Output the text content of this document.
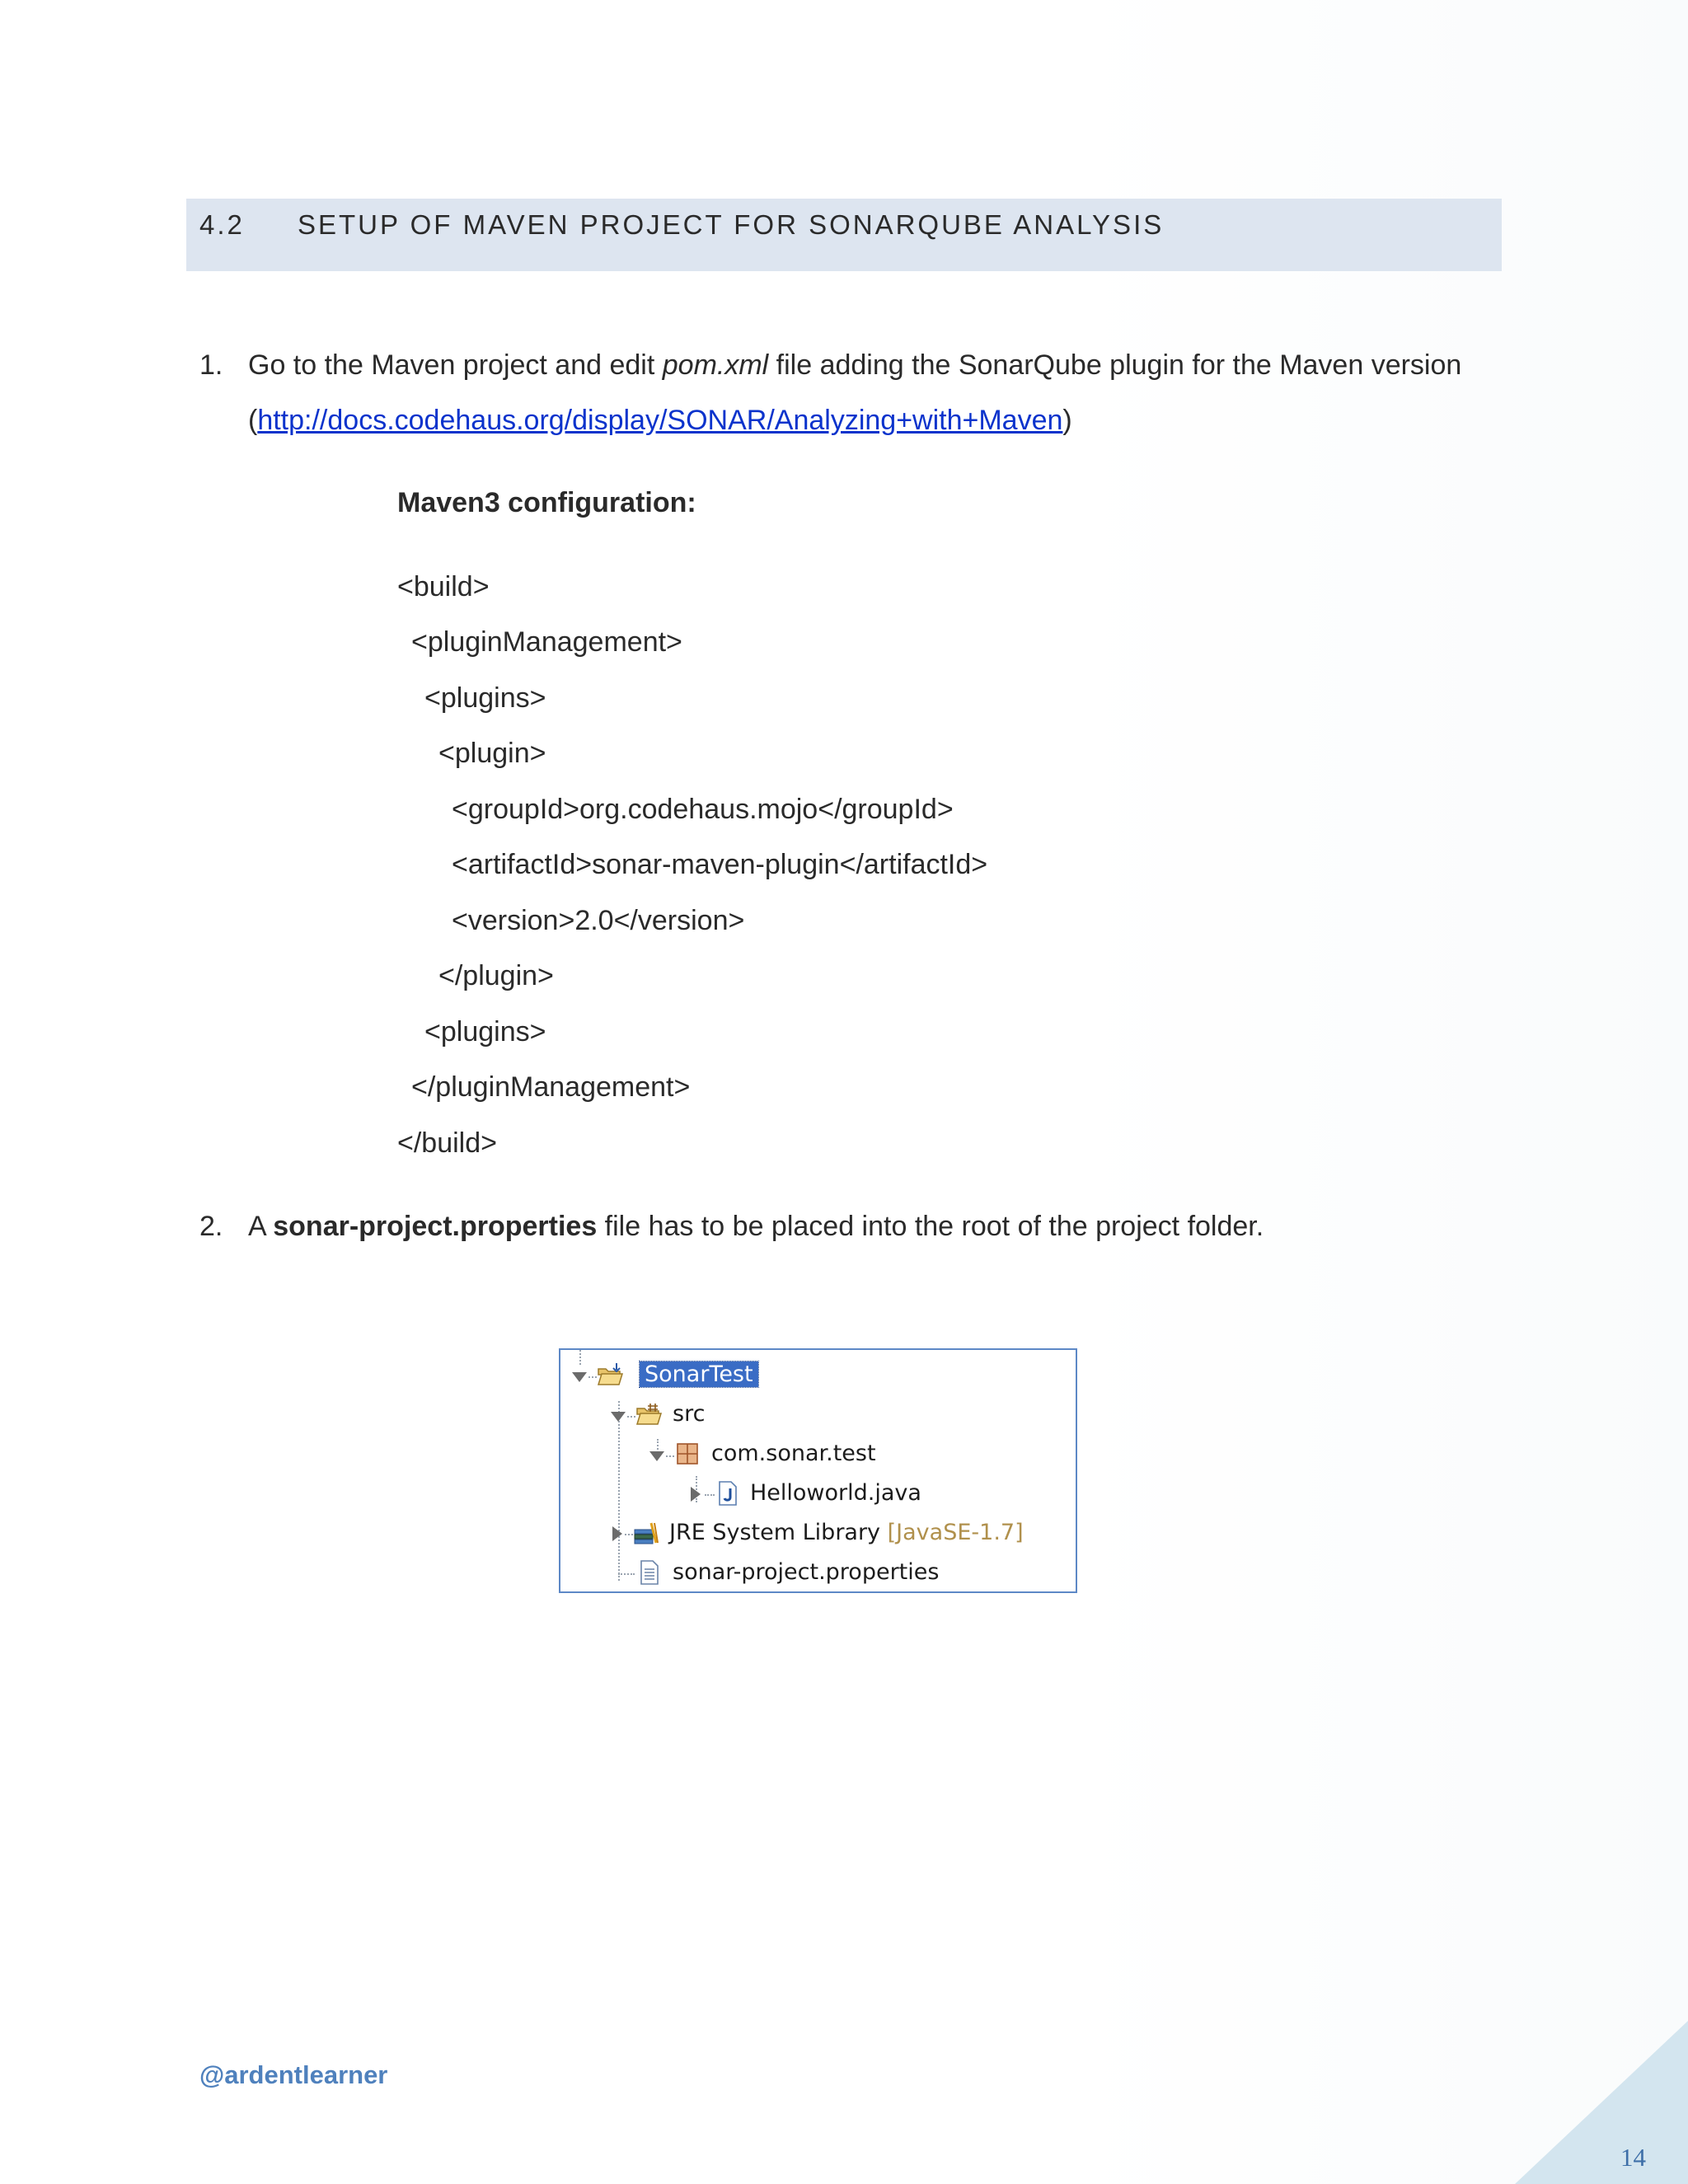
4.2 SETUP OF MAVEN PROJECT FOR SONARQUBE ANALYSIS
1. Go to the Maven project and edit pom.xml file adding the SonarQube plugin for the Maven version
(http://docs.codehaus.org/display/SONAR/Analyzing+with+Maven)
Maven3 configuration:
<build>
<pluginManagement>
<plugins>
<plugin>
<groupId>org.codehaus.mojo</groupId>
<artifactId>sonar-maven-plugin</artifactId>
<version>2.0</version>
</plugin>
<plugins>
</pluginManagement>
</build>
2. A sonar-project.properties file has to be placed into the root of the project folder.
SonarTest
src
com.sonar.test
Helloworld.java
JRE System Library [JavaSE-1.7]
sonar-project.properties
@ardentlearner
14
